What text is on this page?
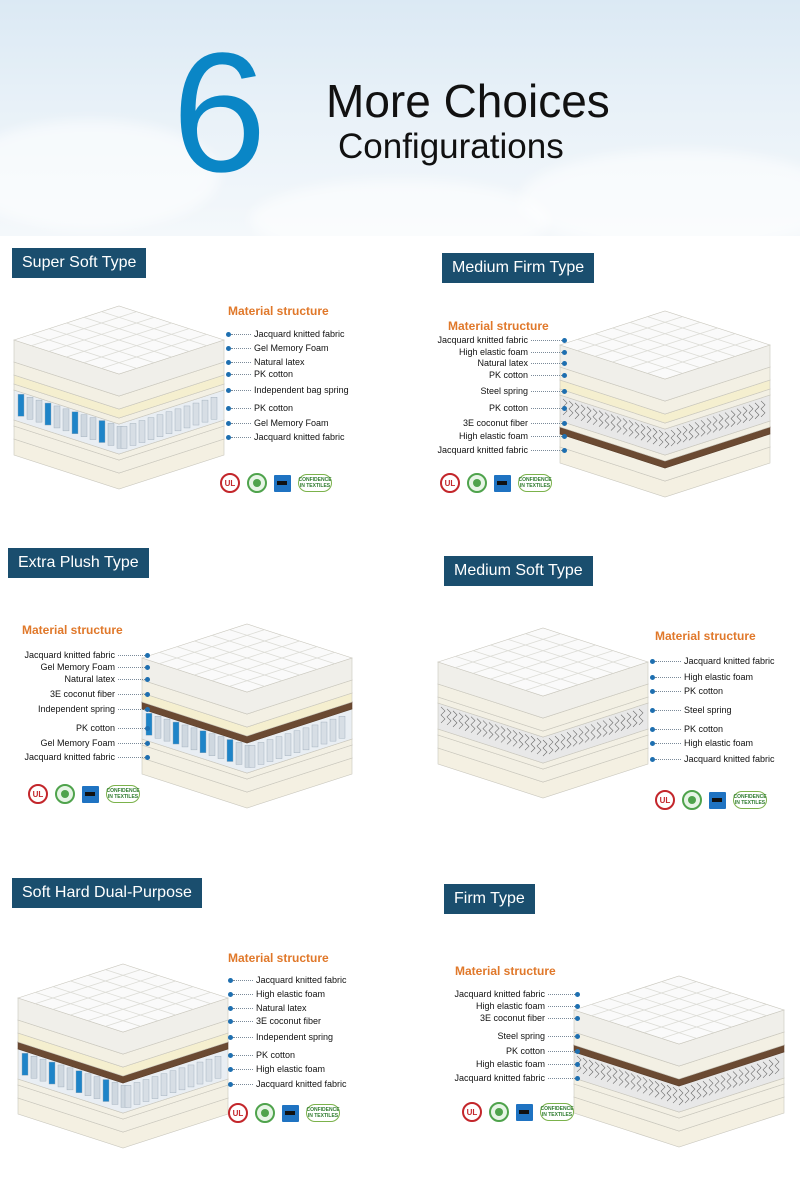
6 More Choices
Configurations
Super Soft Type
Material structure
Jacquard knitted fabric
Gel Memory Foam
Natural latex
PK cotton
Independent bag spring
PK cotton
Gel Memory Foam
Jacquard knitted fabric
UL	CONFIDENCE IN TEXTILES
Medium Firm Type
Material structure
Jacquard knitted fabric
High elastic foam
Natural latex
PK cotton
Steel spring
PK cotton
3E coconut fiber
High elastic foam
Jacquard knitted fabric
UL	CONFIDENCE IN TEXTILES
Extra Plush Type
Material structure
Jacquard knitted fabric
Gel Memory Foam
Natural latex
3E coconut fiber
Independent spring
PK cotton
Gel Memory Foam
Jacquard knitted fabric
UL	CONFIDENCE IN TEXTILES
Medium Soft Type
Material structure
Jacquard knitted fabric
High elastic foam
PK cotton
Steel spring
PK cotton
High elastic foam
Jacquard knitted fabric
UL	CONFIDENCE IN TEXTILES
Soft Hard Dual-Purpose
Material structure
Jacquard knitted fabric
High elastic foam
Natural latex
3E coconut fiber
Independent spring
PK cotton
High elastic foam
Jacquard knitted fabric
UL	CONFIDENCE IN TEXTILES
Firm Type
Material structure
Jacquard knitted fabric
High elastic foam
3E coconut fiber
Steel spring
PK cotton
High elastic foam
Jacquard knitted fabric
UL	CONFIDENCE IN TEXTILES
